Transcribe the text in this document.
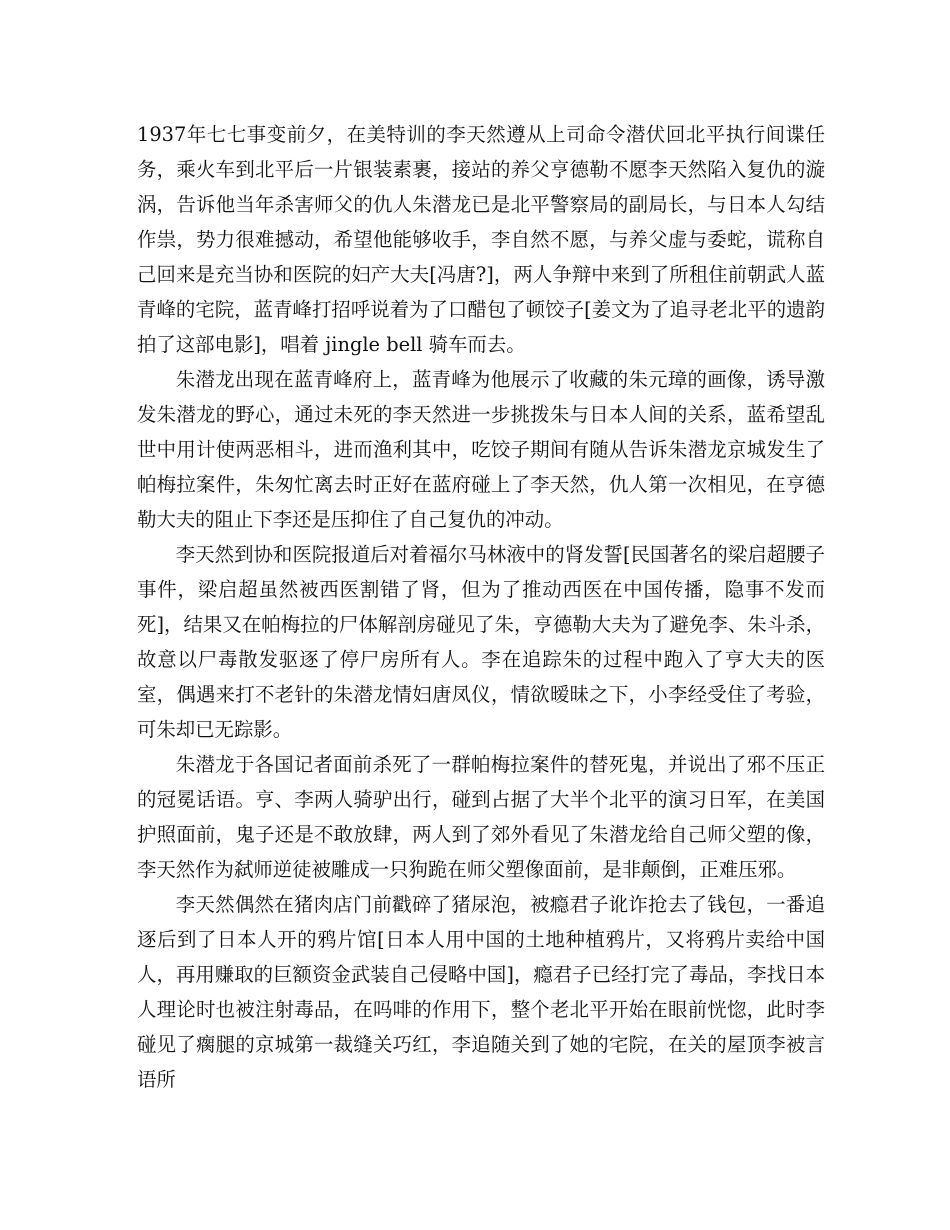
1937年七七事变前夕，在美特训的李天然遵从上司命令潜伏回北平执行间谍任务，乘火车到北平后一片银装素裹，接站的养父亨德勒不愿李天然陷入复仇的漩涡，告诉他当年杀害师父的仇人朱潜龙已是北平警察局的副局长，与日本人勾结作祟，势力很难撼动，希望他能够收手，李自然不愿，与养父虚与委蛇，谎称自己回来是充当协和医院的妇产大夫[冯唐?]，两人争辩中来到了所租住前朝武人蓝青峰的宅院，蓝青峰打招呼说着为了口醋包了顿饺子[姜文为了追寻老北平的遗韵拍了这部电影]，唱着 jingle bell 骑车而去。

朱潜龙出现在蓝青峰府上，蓝青峰为他展示了收藏的朱元璋的画像，诱导激发朱潜龙的野心，通过未死的李天然进一步挑拨朱与日本人间的关系，蓝希望乱世中用计使两恶相斗，进而渔利其中，吃饺子期间有随从告诉朱潜龙京城发生了帕梅拉案件，朱匆忙离去时正好在蓝府碰上了李天然，仇人第一次相见，在亨德勒大夫的阻止下李还是压抑住了自己复仇的冲动。

李天然到协和医院报道后对着福尔马林液中的肾发誓[民国著名的梁启超腰子事件，梁启超虽然被西医割错了肾，但为了推动西医在中国传播，隐事不发而死]，结果又在帕梅拉的尸体解剖房碰见了朱，亨德勒大夫为了避免李、朱斗杀，故意以尸毒散发驱逐了停尸房所有人。李在追踪朱的过程中跑入了亨大夫的医室，偶遇来打不老针的朱潜龙情妇唐凤仪，情欲暧昧之下，小李经受住了考验，可朱却已无踪影。

朱潜龙于各国记者面前杀死了一群帕梅拉案件的替死鬼，并说出了邪不压正的冠冕话语。亨、李两人骑驴出行，碰到占据了大半个北平的演习日军，在美国护照面前，鬼子还是不敢放肆，两人到了郊外看见了朱潜龙给自己师父塑的像，李天然作为弑师逆徒被雕成一只狗跪在师父塑像面前，是非颠倒，正难压邪。

李天然偶然在猪肉店门前戳碎了猪尿泡，被瘾君子讹诈抢去了钱包，一番追逐后到了日本人开的鸦片馆[日本人用中国的土地种植鸦片，又将鸦片卖给中国人，再用赚取的巨额资金武装自己侵略中国]，瘾君子已经打完了毒品，李找日本人理论时也被注射毒品，在吗啡的作用下，整个老北平开始在眼前恍惚，此时李碰见了瘸腿的京城第一裁缝关巧红，李追随关到了她的宅院，在关的屋顶李被言语所
